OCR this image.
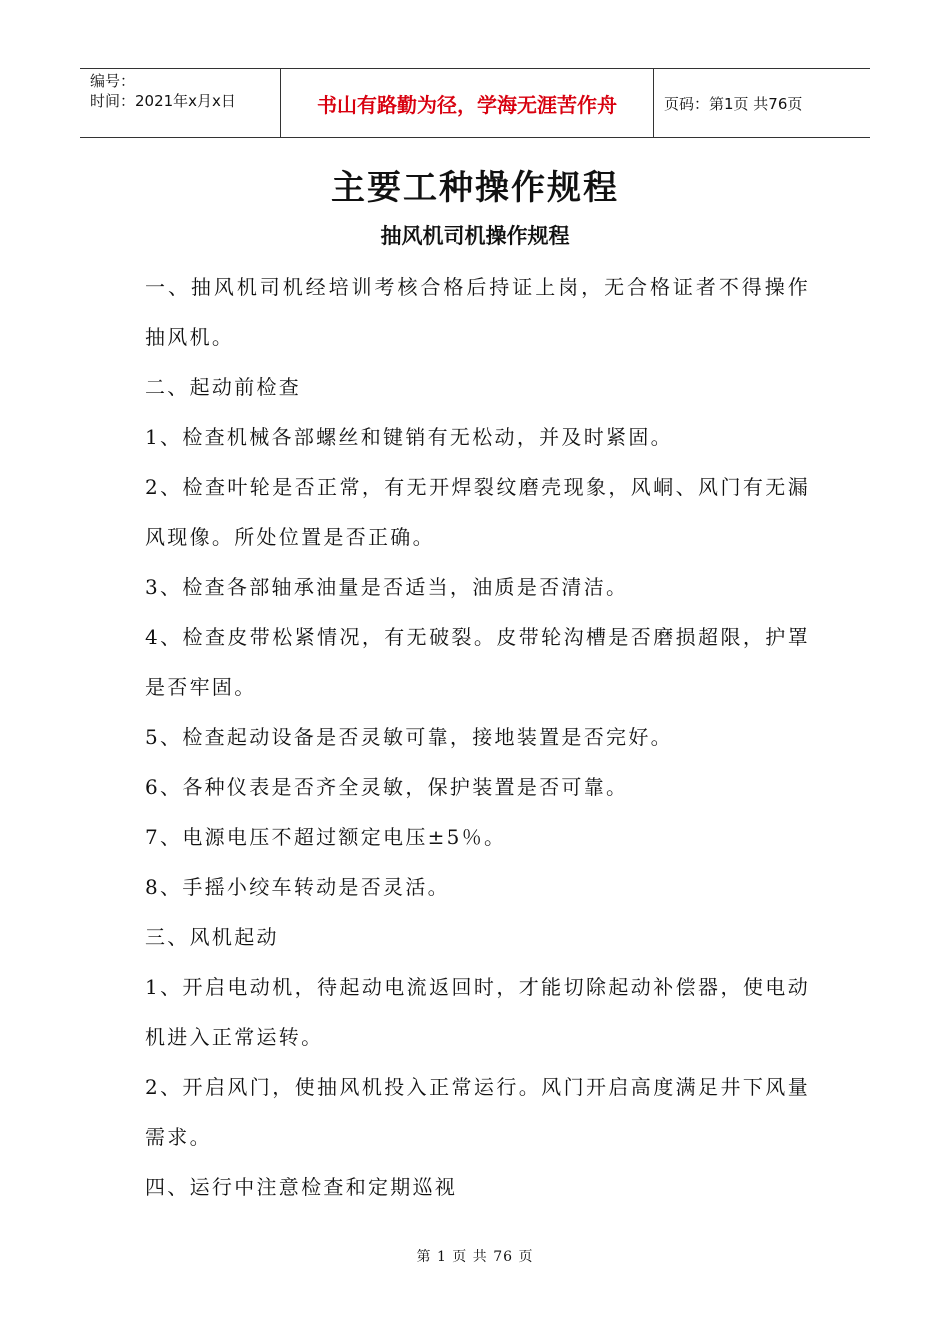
编号：
时间：2021年x月x日	书山有路勤为径，学海无涯苦作舟	页码：第1页 共76页
主要工种操作规程
抽风机司机操作规程

一、抽风机司机经培训考核合格后持证上岗，无合格证者不得操作抽风机。

二、起动前检查

1、检查机械各部螺丝和键销有无松动，并及时紧固。

2、检查叶轮是否正常，有无开焊裂纹磨壳现象，风峒、风门有无漏风现像。所处位置是否正确。

3、检查各部轴承油量是否适当，油质是否清洁。

4、检查皮带松紧情况，有无破裂。皮带轮沟槽是否磨损超限，护罩是否牢固。

5、检查起动设备是否灵敏可靠，接地装置是否完好。

6、各种仪表是否齐全灵敏，保护装置是否可靠。

7、电源电压不超过额定电压±5％。

8、手摇小绞车转动是否灵活。

三、风机起动

1、开启电动机，待起动电流返回时，才能切除起动补偿器，使电动机进入正常运转。

2、开启风门，使抽风机投入正常运行。风门开启高度满足井下风量需求。

四、运行中注意检查和定期巡视

第 1 页 共 76 页
